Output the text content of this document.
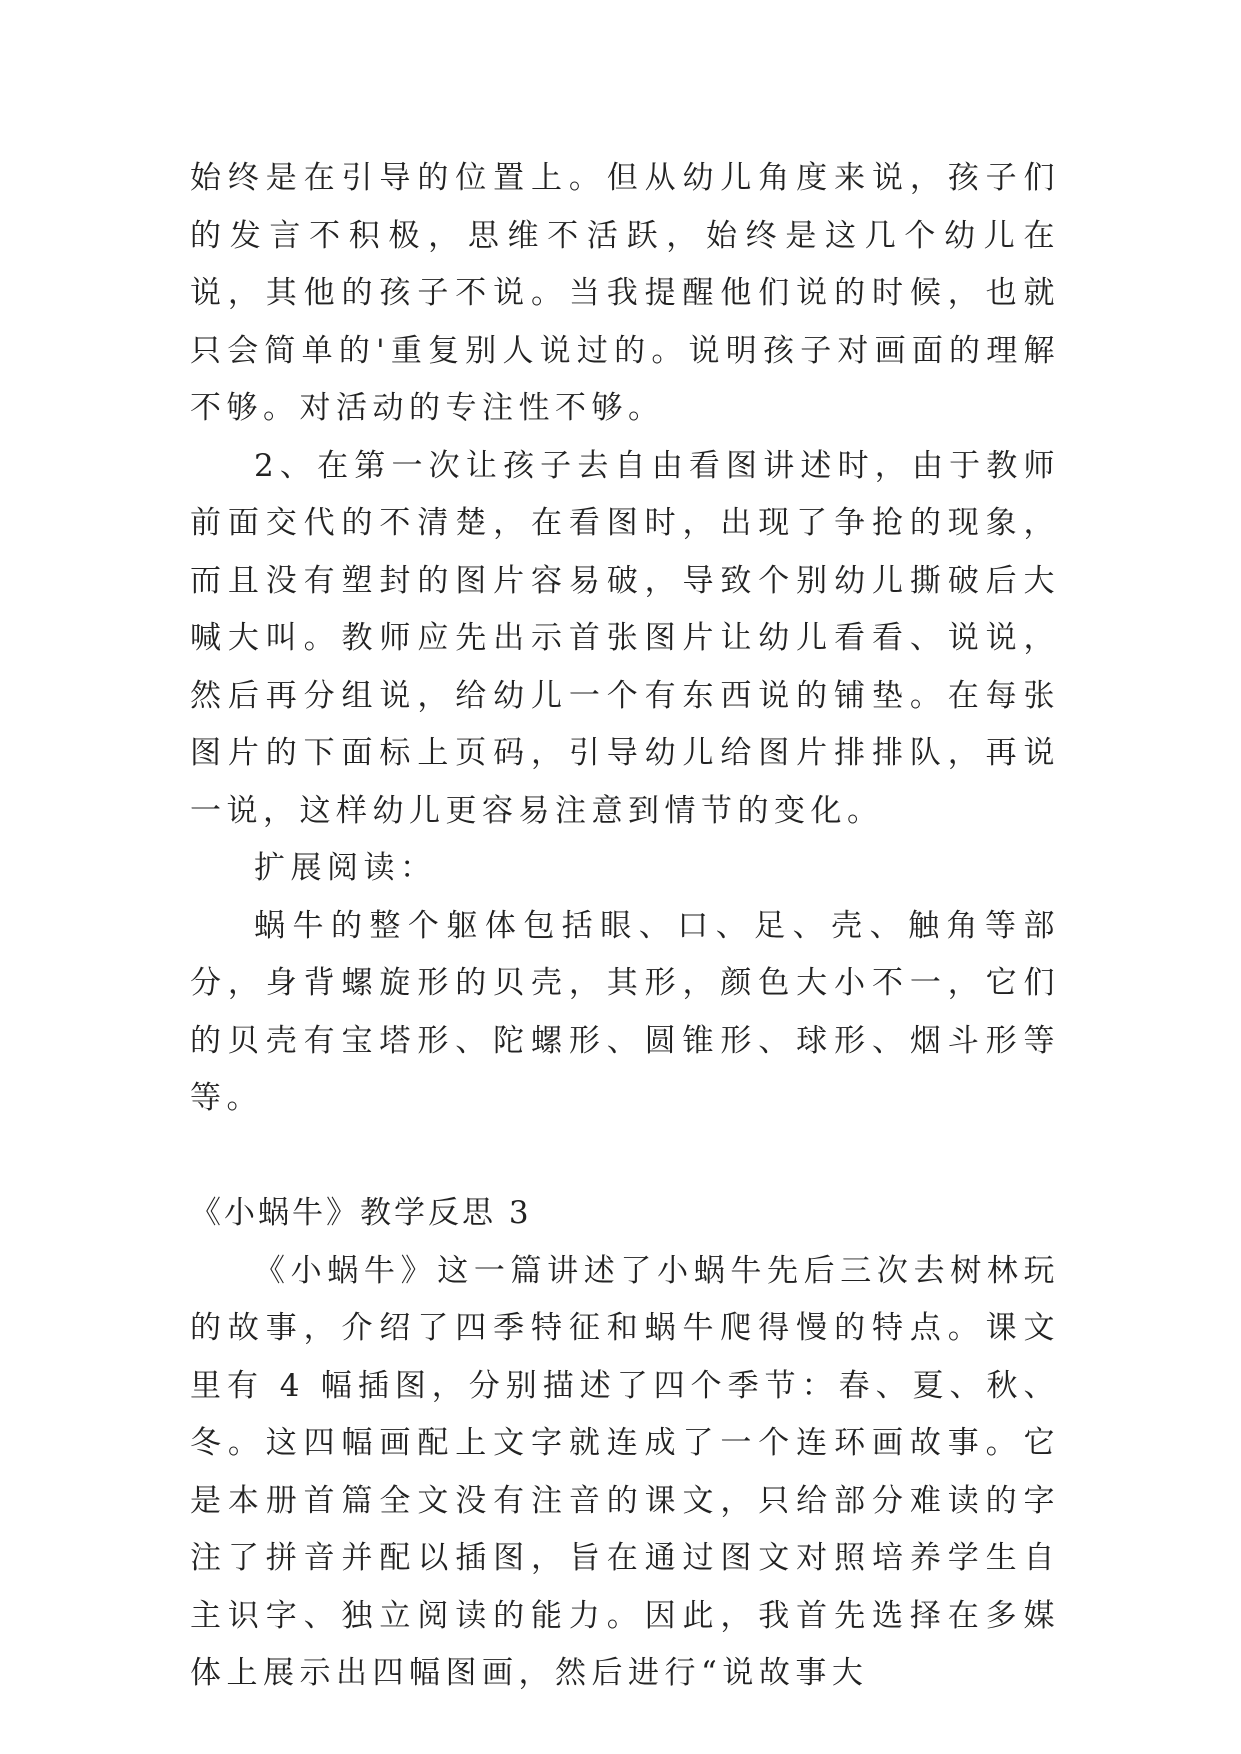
始终是在引导的位置上。但从幼儿角度来说，孩子们的发言不积极，思维不活跃，始终是这几个幼儿在说，其他的孩子不说。当我提醒他们说的时候，也就只会简单的'重复别人说过的。说明孩子对画面的理解不够。对活动的专注性不够。

2、在第一次让孩子去自由看图讲述时，由于教师前面交代的不清楚，在看图时，出现了争抢的现象，而且没有塑封的图片容易破，导致个别幼儿撕破后大喊大叫。教师应先出示首张图片让幼儿看看、说说，然后再分组说，给幼儿一个有东西说的铺垫。在每张图片的下面标上页码，引导幼儿给图片排排队，再说一说，这样幼儿更容易注意到情节的变化。

扩展阅读：

蜗牛的整个躯体包括眼、口、足、壳、触角等部分，身背螺旋形的贝壳，其形，颜色大小不一，它们的贝壳有宝塔形、陀螺形、圆锥形、球形、烟斗形等等。

《小蜗牛》教学反思 3

《小蜗牛》这一篇讲述了小蜗牛先后三次去树林玩的故事，介绍了四季特征和蜗牛爬得慢的特点。课文里有 4 幅插图，分别描述了四个季节：春、夏、秋、冬。这四幅画配上文字就连成了一个连环画故事。它是本册首篇全文没有注音的课文，只给部分难读的字注了拼音并配以插图，旨在通过图文对照培养学生自主识字、独立阅读的能力。因此，我首先选择在多媒体上展示出四幅图画，然后进行“说故事大
